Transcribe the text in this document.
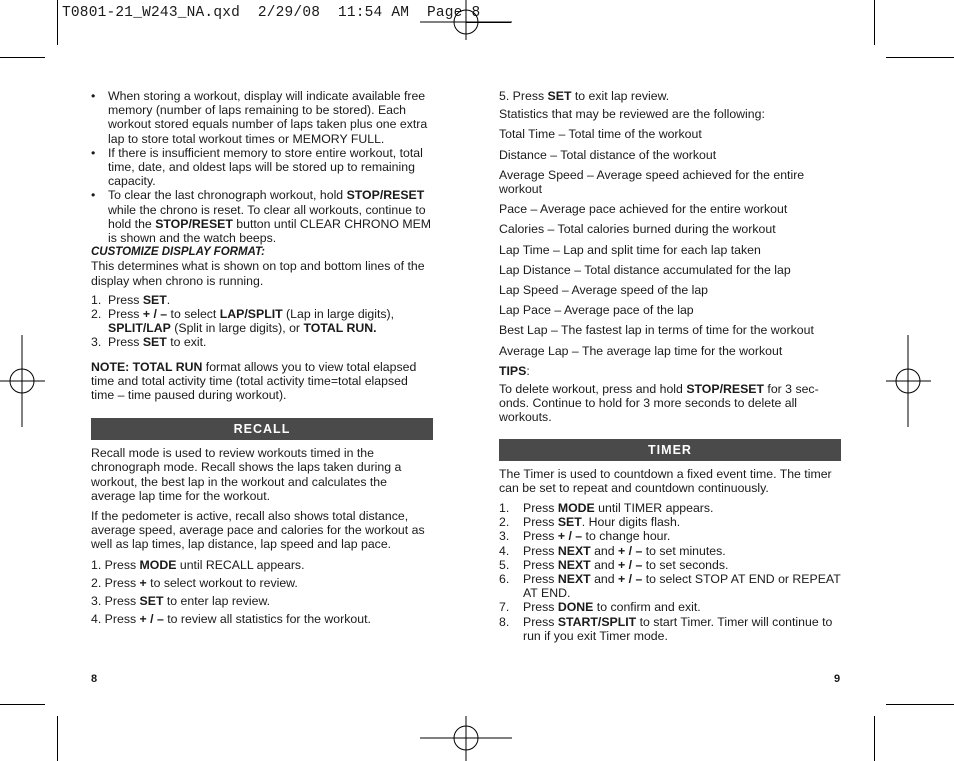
T0801-21_W243_NA.qxd  2/29/08  11:54 AM  Page 8

• When storing a workout, display will indicate available free memory (number of laps remaining to be stored). Each workout stored equals number of laps taken plus one extra lap to store total workout times or MEMORY FULL.

• If there is insufficient memory to store entire workout, total time, date, and oldest laps will be stored up to remaining capacity.

• To clear the last chronograph workout, hold STOP/RESET while the chrono is reset. To clear all workouts, continue to hold the STOP/RESET button until CLEAR CHRONO MEM is shown and the watch beeps.

CUSTOMIZE DISPLAY FORMAT:

This determines what is shown on top and bottom lines of the display when chrono is running.

1. Press SET.

2. Press + / – to select LAP/SPLIT (Lap in large digits), SPLIT/LAP (Split in large digits), or TOTAL RUN.

3. Press SET to exit.

NOTE: TOTAL RUN format allows you to view total elapsed time and total activity time (total activity time=total elapsed time – time paused during workout).

RECALL

Recall mode is used to review workouts timed in the chronograph mode. Recall shows the laps taken during a workout, the best lap in the workout and calculates the average lap time for the workout.

If the pedometer is active, recall also shows total distance, average speed, average pace and calories for the workout as well as lap times, lap distance, lap speed and lap pace.

1. Press MODE until RECALL appears.

2. Press + to select workout to review.

3. Press SET to enter lap review.

4. Press + / – to review all statistics for the workout.

8

5. Press SET to exit lap review.

Statistics that may be reviewed are the following:

Total Time – Total time of the workout

Distance – Total distance of the workout

Average Speed – Average speed achieved for the entire workout

Pace – Average pace achieved for the entire workout

Calories – Total calories burned during the workout

Lap Time – Lap and split time for each lap taken

Lap Distance – Total distance accumulated for the lap

Lap Speed – Average speed of the lap

Lap Pace – Average pace of the lap

Best Lap – The fastest lap in terms of time for the workout

Average Lap – The average lap time for the workout

TIPS:

To delete workout, press and hold STOP/RESET for 3 sec- onds. Continue to hold for 3 more seconds to delete all workouts.

TIMER

The Timer is used to countdown a fixed event time. The timer can be set to repeat and countdown continuously.

1. Press MODE until TIMER appears.

2. Press SET. Hour digits flash.

3. Press + / – to change hour.

4. Press NEXT and + / – to set minutes.

5. Press NEXT and + / – to set seconds.

6. Press NEXT and + / – to select STOP AT END or REPEAT AT END.

7. Press DONE to confirm and exit.

8. Press START/SPLIT to start Timer. Timer will continue to run if you exit Timer mode.

9
